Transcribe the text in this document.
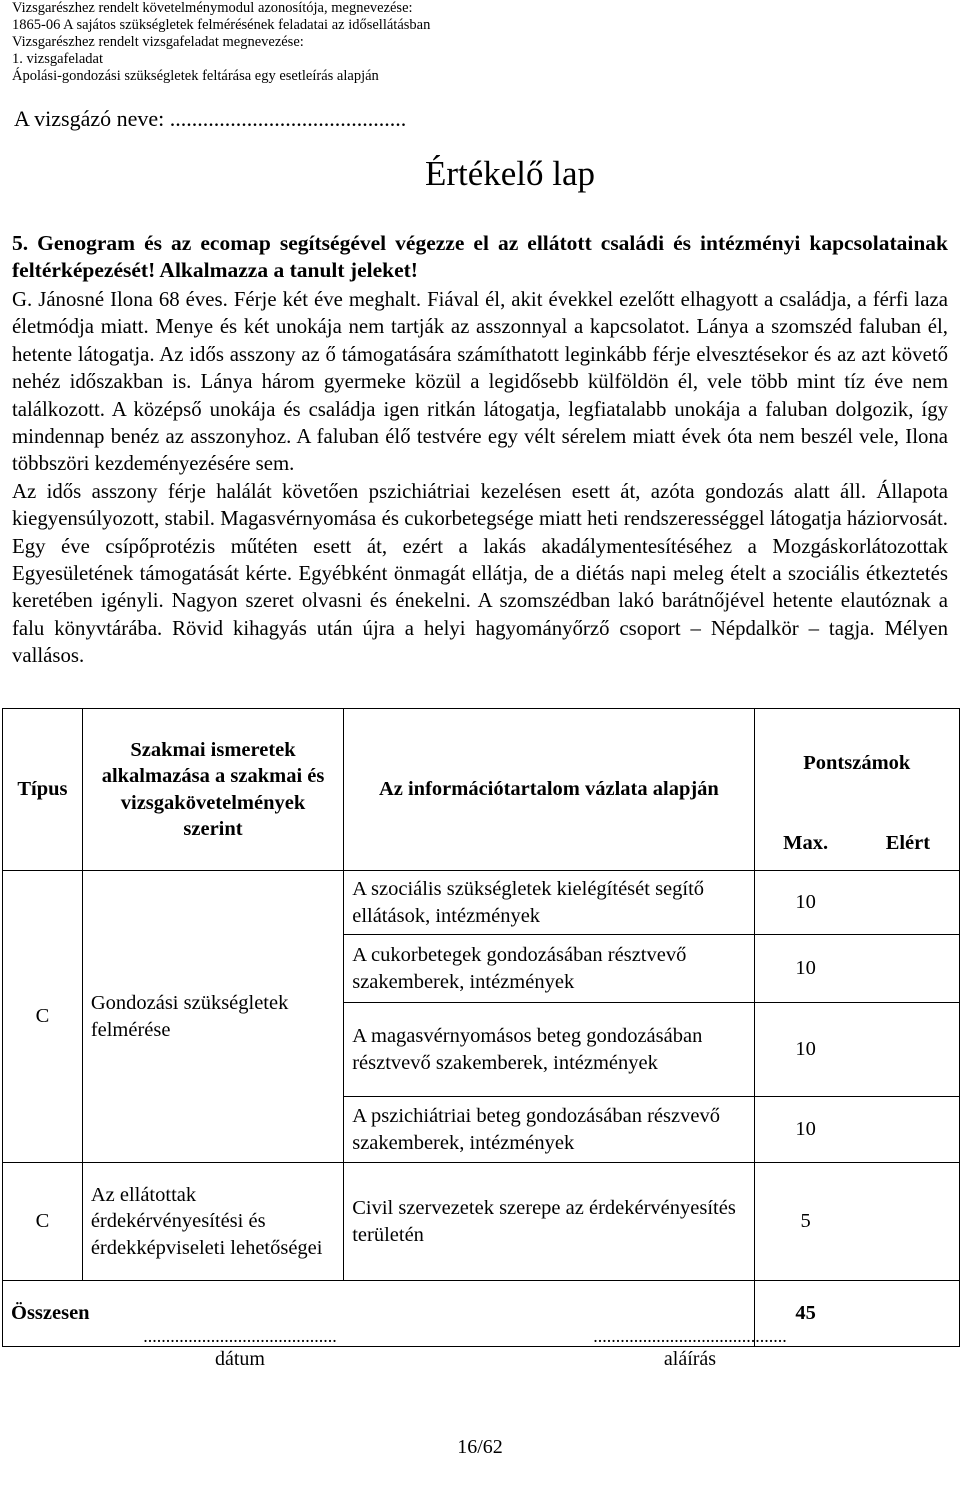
Vizsgarészhez rendelt követelménymodul azonosítója, megnevezése:
1865-06 A sajátos szükségletek felmérésének feladatai az idősellátásban
Vizsgarészhez rendelt vizsgafeladat megnevezése:
1. vizsgafeladat
Ápolási-gondozási szükségletek feltárása egy esetleírás alapján
A vizsgázó neve: ...........................................
Értékelő lap
5. Genogram és az ecomap segítségével végezze el az ellátott családi és intézményi kapcsolatainak feltérképezését! Alkalmazza a tanult jeleket!

G. Jánosné Ilona 68 éves. Férje két éve meghalt. Fiával él, akit évekkel ezelőtt elhagyott a családja, a férfi laza életmódja miatt. Menye és két unokája nem tartják az asszonnyal a kapcsolatot. Lánya a szomszéd faluban él, hetente látogatja. Az idős asszony az ő támogatására számíthatott leginkább férje elvesztésekor és az azt követő nehéz időszakban is. Lánya három gyermeke közül a legidősebb külföldön él, vele több mint tíz éve nem találkozott. A középső unokája és családja igen ritkán látogatja, legfiatalabb unokája a faluban dolgozik, így mindennap benéz az asszonyhoz. A faluban élő testvére egy vélt sérelem miatt évek óta nem beszél vele, Ilona többszöri kezdeményezésére sem.

Az idős asszony férje halálát követően pszichiátriai kezelésen esett át, azóta gondozás alatt áll. Állapota kiegyensúlyozott, stabil. Magasvérnyomása és cukorbetegsége miatt heti rendszerességgel látogatja háziorvosát. Egy éve csípőprotézis műtéten esett át, ezért a lakás akadálymentesítéséhez a Mozgáskorlátozottak Egyesületének támogatását kérte. Egyébként önmagát ellátja, de a diétás napi meleg ételt a szociális étkeztetés keretében igényli. Nagyon szeret olvasni és énekelni. A szomszédban lakó barátnőjével hetente elautóznak a falu könyvtárába. Rövid kihagyás után újra a helyi hagyományőrző csoport – Népdalkör – tagja. Mélyen vallásos.

Típus	Szakmai ismeretek alkalmazása a szakmai és vizsgakövetelmények szerint	Az információtartalom vázlata alapján	Pontszámok	
			Max.	Elért
C	Gondozási szükségletek felmérése	A szociális szükségletek kielégítését segítő ellátások, intézmények	10	
		A cukorbetegek gondozásában résztvevő szakemberek, intézmények	10	
		A magasvérnyomásos beteg gondozásában résztvevő szakemberek, intézmények	10	
		A pszichiátriai beteg gondozásában részvevő szakemberek, intézmények	10	
C	Az ellátottak érdekérvényesítési és érdekképviseleti lehetőségei	Civil szervezetek szerepe az érdekérvényesítés területén	5	
Összesen			45	
...........................................
dátum
...........................................
aláírás
16/62
